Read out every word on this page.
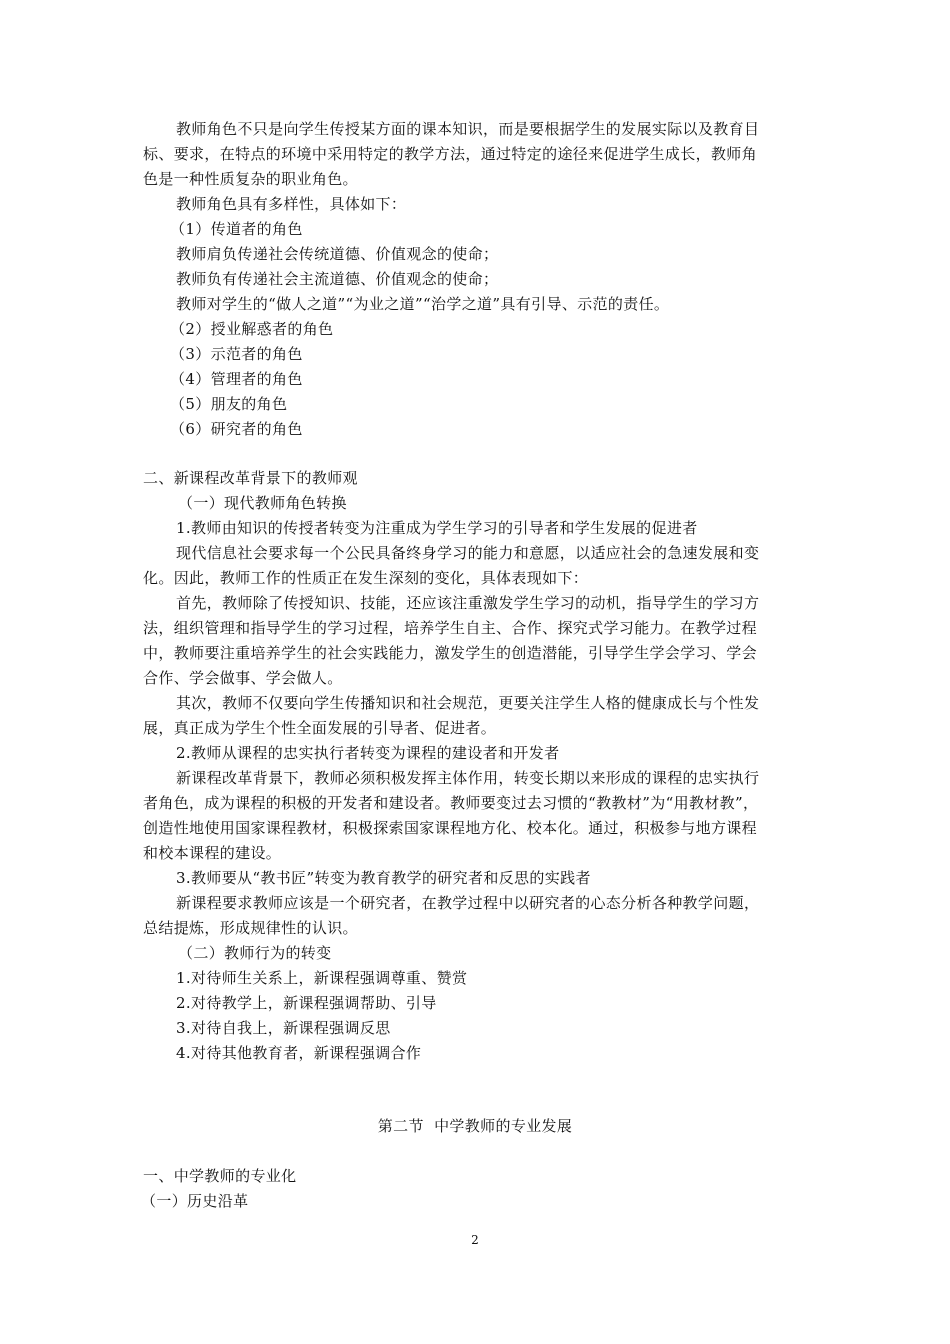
教师角色不只是向学生传授某方面的课本知识，而是要根据学生的发展实际以及教育目
标、要求，在特点的环境中采用特定的教学方法，通过特定的途径来促进学生成长，教师角
色是一种性质复杂的职业角色。
教师角色具有多样性，具体如下：
（1）传道者的角色
教师肩负传递社会传统道德、价值观念的使命；
教师负有传递社会主流道德、价值观念的使命；
教师对学生的“做人之道”“为业之道”“治学之道”具有引导、示范的责任。
（2）授业解惑者的角色
（3）示范者的角色
（4）管理者的角色
（5）朋友的角色
（6）研究者的角色
二、新课程改革背景下的教师观
（一）现代教师角色转换
1.教师由知识的传授者转变为注重成为学生学习的引导者和学生发展的促进者
现代信息社会要求每一个公民具备终身学习的能力和意愿，以适应社会的急速发展和变
化。因此，教师工作的性质正在发生深刻的变化，具体表现如下：
首先，教师除了传授知识、技能，还应该注重激发学生学习的动机，指导学生的学习方
法，组织管理和指导学生的学习过程，培养学生自主、合作、探究式学习能力。在教学过程
中，教师要注重培养学生的社会实践能力，激发学生的创造潜能，引导学生学会学习、学会
合作、学会做事、学会做人。
其次，教师不仅要向学生传播知识和社会规范，更要关注学生人格的健康成长与个性发
展，真正成为学生个性全面发展的引导者、促进者。
2.教师从课程的忠实执行者转变为课程的建设者和开发者
新课程改革背景下，教师必须积极发挥主体作用，转变长期以来形成的课程的忠实执行
者角色，成为课程的积极的开发者和建设者。教师要变过去习惯的“教教材”为“用教材教”，
创造性地使用国家课程教材，积极探索国家课程地方化、校本化。通过，积极参与地方课程
和校本课程的建设。
3.教师要从“教书匠”转变为教育教学的研究者和反思的实践者
新课程要求教师应该是一个研究者，在教学过程中以研究者的心态分析各种教学问题，
总结提炼，形成规律性的认识。
（二）教师行为的转变
1.对待师生关系上，新课程强调尊重、赞赏
2.对待教学上，新课程强调帮助、引导
3.对待自我上，新课程强调反思
4.对待其他教育者，新课程强调合作
第二节  中学教师的专业发展
一、中学教师的专业化
（一）历史沿革
2
